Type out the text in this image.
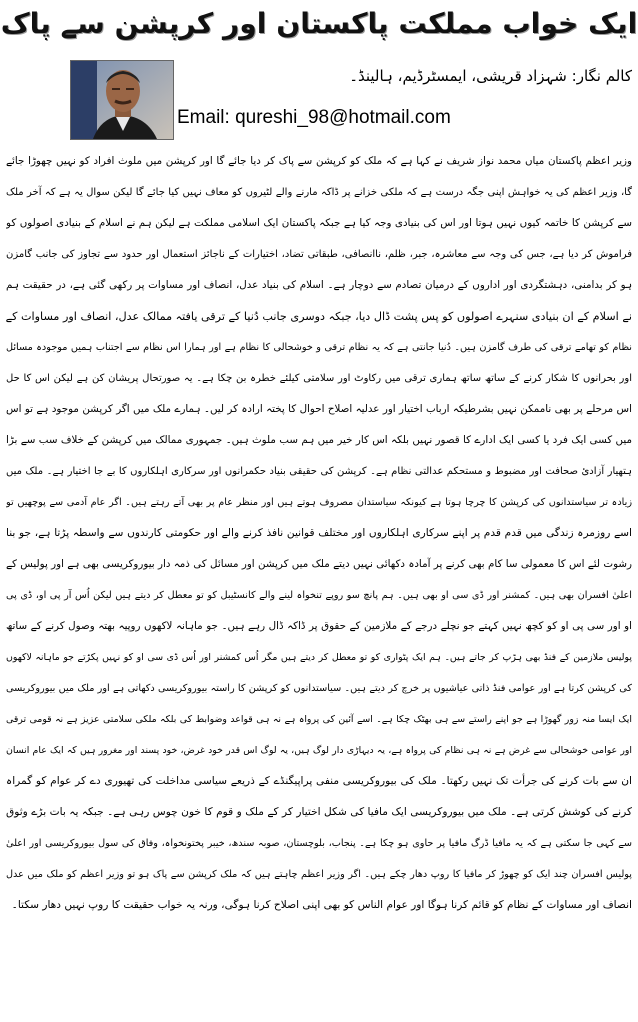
ایک خواب مملکت پاکستان اور کرپشن سے پاک
کالم نگار: شہزاد قریشی، ایمسٹرڈیم، ہالینڈ۔
Email: qureshi_98@hotmail.com
وزیر اعظم پاکستان میاں محمد نواز شریف نے کہا ہے کہ ملک کو کرپشن سے پاک کر دیا جائے گا اور کرپشن میں ملوث افراد کو نہیں چھوڑا جائے
گا، وزیر اعظم کی یہ خواہش اپنی جگہ درست ہے کہ ملکی خزانے پر ڈاکہ مارنے والے لٹیروں کو معاف نہیں کیا جائے گا لیکن سوال یہ ہے کہ آخر ملک
سے کرپشن کا خاتمہ کیوں نہیں ہوتا اور اس کی بنیادی وجہ کیا ہے جبکہ پاکستان ایک اسلامی مملکت ہے لیکن ہم نے اسلام کے بنیادی اصولوں کو
فراموش کر دیا ہے، جس کی وجہ سے معاشرہ، جبر، ظلم، ناانصافی، طبقاتی تضاد، اختیارات کے ناجائز استعمال اور حدود سے تجاوز کی جانب گامزن
ہو کر بدامنی، دہشتگردی اور اداروں کے درمیان تصادم سے دوچار ہے۔ اسلام کی بنیاد عدل، انصاف اور مساوات پر رکھی گئی ہے، در حقیقت ہم
نے اسلام کے ان بنیادی سنہرے اصولوں کو پس پشت ڈال دیا، جبکہ دوسری جانب دُنیا کے ترقی یافتہ ممالک عدل، انصاف اور مساوات کے
نظام کو تھامے ترقی کی طرف گامزن ہیں۔ دُنیا جانتی ہے کہ یہ نظام ترقی و خوشحالی کا نظام ہے اور ہمارا اس نظام سے اجتناب ہمیں موجودہ مسائل
اور بحرانوں کا شکار کرنے کے ساتھ ساتھ ہماری ترقی میں رکاوٹ اور سلامتی کیلئے خطرہ بن چکا ہے۔ یہ صورتحال پریشان کن ہے لیکن اس کا حل
اس مرحلے پر بھی ناممکن نہیں بشرطیکہ ارباب اختیار اور عدلیہ اصلاح احوال کا پختہ ارادہ کر لیں۔ ہمارے ملک میں اگر کرپشن موجود ہے تو اس
میں کسی ایک فرد یا کسی ایک ادارے کا قصور نہیں بلکہ اس کار خیر میں ہم سب ملوث ہیں۔ جمہوری ممالک میں کرپشن کے خلاف سب سے بڑا
ہتھیار آزادیٔ صحافت اور مضبوط و مستحکم عدالتی نظام ہے۔ کرپشن کی حقیقی بنیاد حکمرانوں اور سرکاری اہلکاروں کا بے جا اختیار ہے۔ ملک میں
زیادہ تر سیاستدانوں کی کرپشن کا چرچا ہوتا ہے کیونکہ سیاستدان مصروف ہوتے ہیں اور منظر عام پر بھی آتے رہتے ہیں۔ اگر عام آدمی سے پوچھیں تو
اسے روزمرہ زندگی میں قدم قدم پر اپنے سرکاری اہلکاروں اور مختلف قوانین نافذ کرنے والے اور حکومتی کارندوں سے واسطہ پڑتا ہے، جو بنا
رشوت لئے اس کا معمولی سا کام بھی کرنے پر آمادہ دکھائی نہیں دیتے ملک میں کرپشن اور مسائل کی ذمہ دار بیوروکریسی بھی ہے اور پولیس کے
اعلیٰ افسران بھی ہیں۔ کمشنر اور ڈی سی او بھی ہیں۔ ہم پانچ سو روپے تنخواہ لینے والے کانسٹیبل کو تو معطل کر دیتے ہیں لیکن اُس آر پی او، ڈی پی
او اور سی پی او کو کچھ نہیں کہتے جو نچلے درجے کے ملازمین کے حقوق پر ڈاکہ ڈال رہے ہیں۔ جو ماہانہ لاکھوں روپیہ بھتہ وصول کرنے کے ساتھ
پولیس ملازمین کے فنڈ بھی ہڑپ کر جاتے ہیں۔ ہم ایک پٹواری کو تو معطل کر دیتے ہیں مگر اُس کمشنر اور اُس ڈی سی او کو نہیں پکڑتے جو ماہانہ لاکھوں
کی کرپشن کرتا ہے اور عوامی فنڈ ذاتی عیاشیوں پر خرچ کر دیتے ہیں۔ سیاستدانوں کو کرپشن کا راستہ بیوروکریسی دکھاتی ہے اور ملک میں بیوروکریسی
ایک ایسا منہ زور گھوڑا ہے جو اپنے راستے سے ہی بھٹک چکا ہے۔ اسے آئین کی پرواہ ہے نہ ہی قواعد وضوابط کی بلکہ ملکی سلامتی عزیز ہے نہ قومی ترقی
اور عوامی خوشحالی سے غرض ہے نہ ہی نظام کی پرواہ ہے، یہ دیہاڑی دار لوگ ہیں، یہ لوگ اس قدر خود غرض، خود پسند اور مغرور ہیں کہ ایک عام انسان
ان سے بات کرنے کی جرأت تک نہیں رکھتا۔ ملک کی بیوروکریسی منفی پراپیگنڈے کے ذریعے سیاسی مداخلت کی تھیوری دے کر عوام کو گمراہ
کرنے کی کوشش کرتی ہے۔ ملک میں بیوروکریسی ایک مافیا کی شکل اختیار کر کے ملک و قوم کا خون چوس رہی ہے۔ جبکہ یہ بات بڑے وثوق
سے کہی جا سکتی ہے کہ یہ مافیا ڈرگ مافیا پر حاوی ہو چکا ہے۔ پنجاب، بلوچستان، صوبہ سندھ، خیبر پختونخواہ، وفاق کی سول بیوروکریسی اور اعلیٰ
پولیس افسران چند ایک کو چھوڑ کر مافیا کا روپ دھار چکے ہیں۔ اگر وزیر اعظم چاہتے ہیں کہ ملک کرپشن سے پاک ہو تو وزیر اعظم کو ملک میں عدل
انصاف اور مساوات کے نظام کو قائم کرنا ہوگا اور عوام الناس کو بھی اپنی اصلاح کرنا ہوگی، ورنہ یہ خواب حقیقت کا روپ نہیں دھار سکتا۔
